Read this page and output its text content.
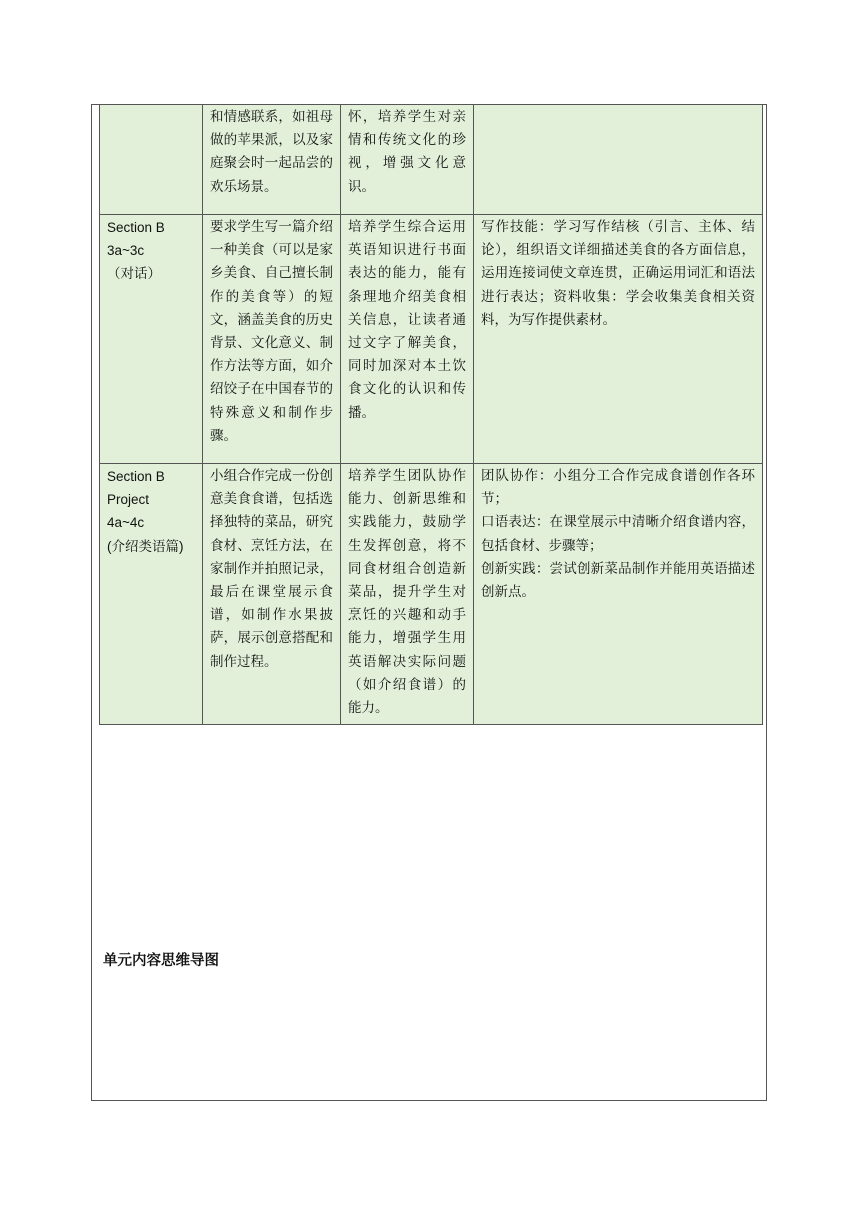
	和情感联系，如祖母做的苹果派，以及家庭聚会时一起品尝的欢乐场景。	怀，培养学生对亲情和传统文化的珍视，增强文化意识。	

Section B
3a~3c
（对话）	要求学生写一篇介绍一种美食（可以是家乡美食、自己擅长制作的美食等）的短文，涵盖美食的历史背景、文化意义、制作方法等方面，如介绍饺子在中国春节的特殊意义和制作步骤。	培养学生综合运用英语知识进行书面表达的能力，能有条理地介绍美食相关信息，让读者通过文字了解美食，同时加深对本土饮食文化的认识和传播。	写作技能：学习写作结核（引言、主体、结论），组织语文详细描述美食的各方面信息，运用连接词使文章连贯，正确运用词汇和语法进行表达；资料收集：学会收集美食相关资料，为写作提供素材。

Section B
Project
4a~4c
(介绍类语篇)	小组合作完成一份创意美食食谱，包括选择独特的菜品，研究食材、烹饪方法，在家制作并拍照记录，最后在课堂展示食谱，如制作水果披萨，展示创意搭配和制作过程。	培养学生团队协作能力、创新思维和实践能力，鼓励学生发挥创意，将不同食材组合创造新菜品，提升学生对烹饪的兴趣和动手能力，增强学生用英语解决实际问题（如介绍食谱）的能力。	团队协作：小组分工合作完成食谱创作各环节；
口语表达：在课堂展示中清晰介绍食谱内容，包括食材、步骤等；
创新实践：尝试创新菜品制作并能用英语描述创新点。
单元内容思维导图
